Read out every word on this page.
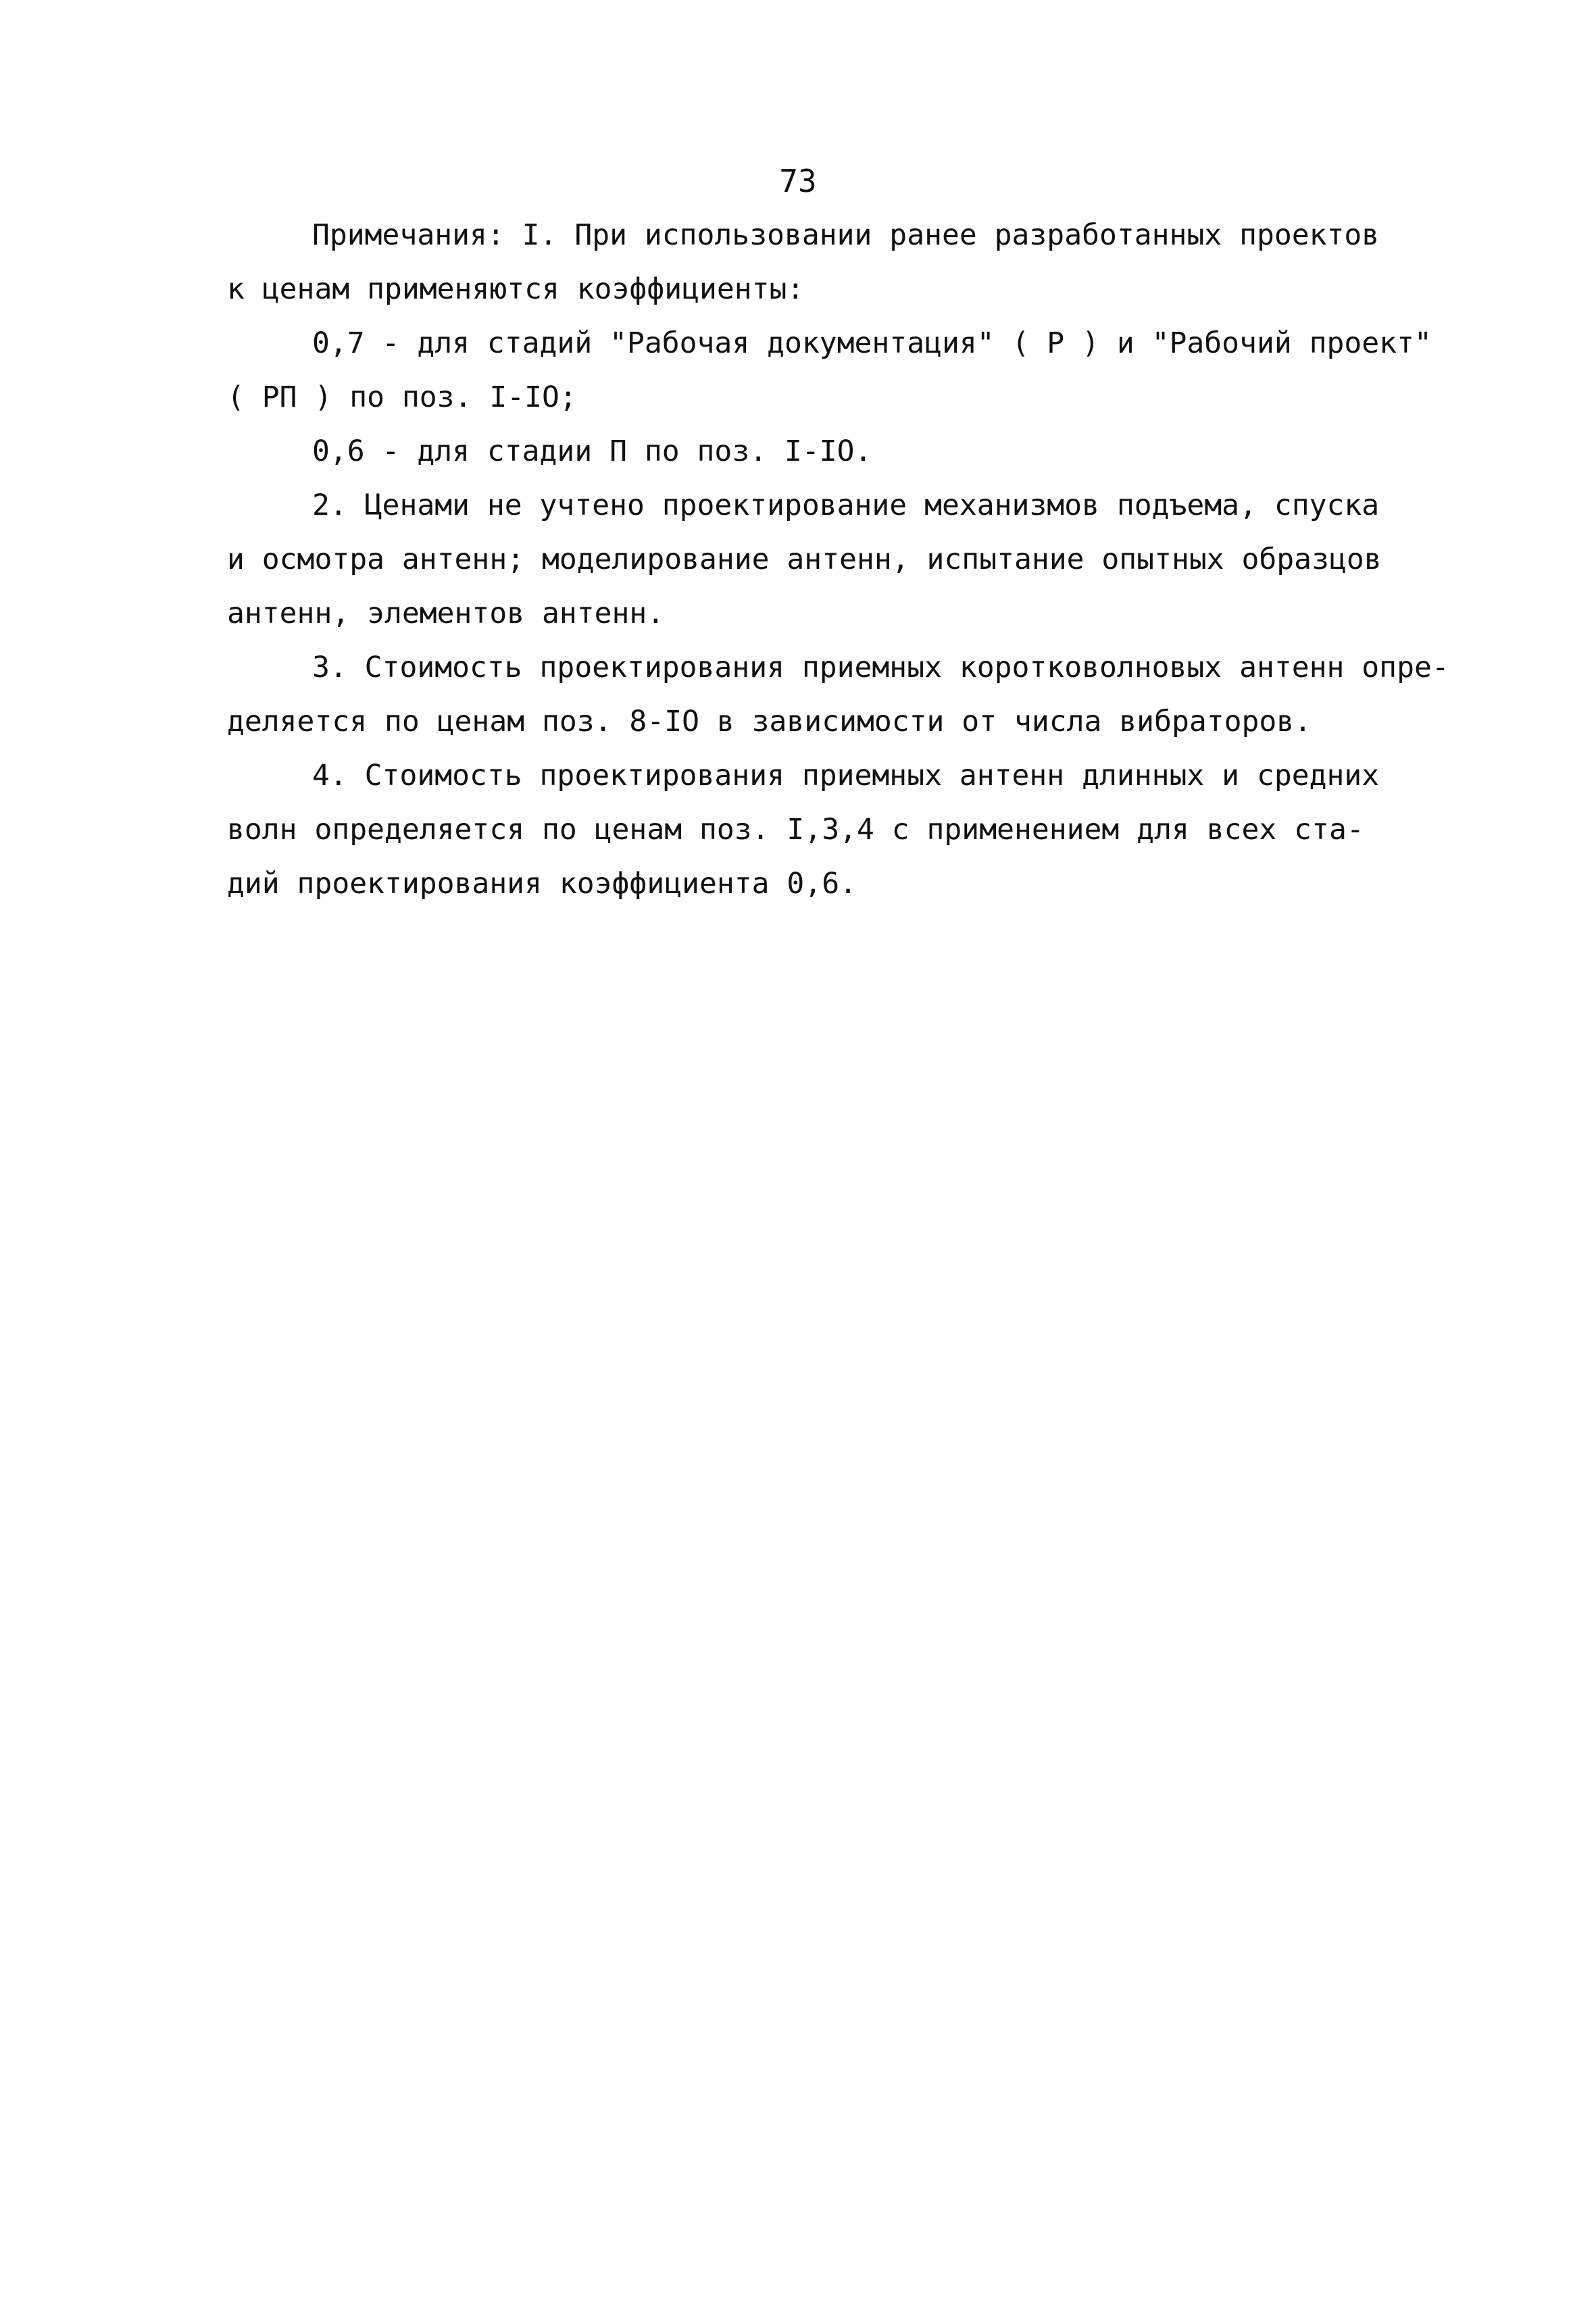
73
Примечания: I. При использовании ранее разработанных проектов
к ценам применяются коэффициенты:
0,7 - для стадий "Рабочая документация" ( Р ) и "Рабочий проект"
( РП ) по поз. I-IO;
0,6 - для стадии П по поз. I-IO.
2. Ценами не учтено проектирование механизмов подъема, спуска
и осмотра антенн; моделирование антенн, испытание опытных образцов
антенн, элементов антенн.
3. Стоимость проектирования приемных коротковолновых антенн опре-
деляется по ценам поз. 8-IO в зависимости от числа вибраторов.
4. Стоимость проектирования приемных антенн длинных и средних
волн определяется по ценам поз. I,3,4 с применением для всех ста-
дий проектирования коэффициента 0,6.
